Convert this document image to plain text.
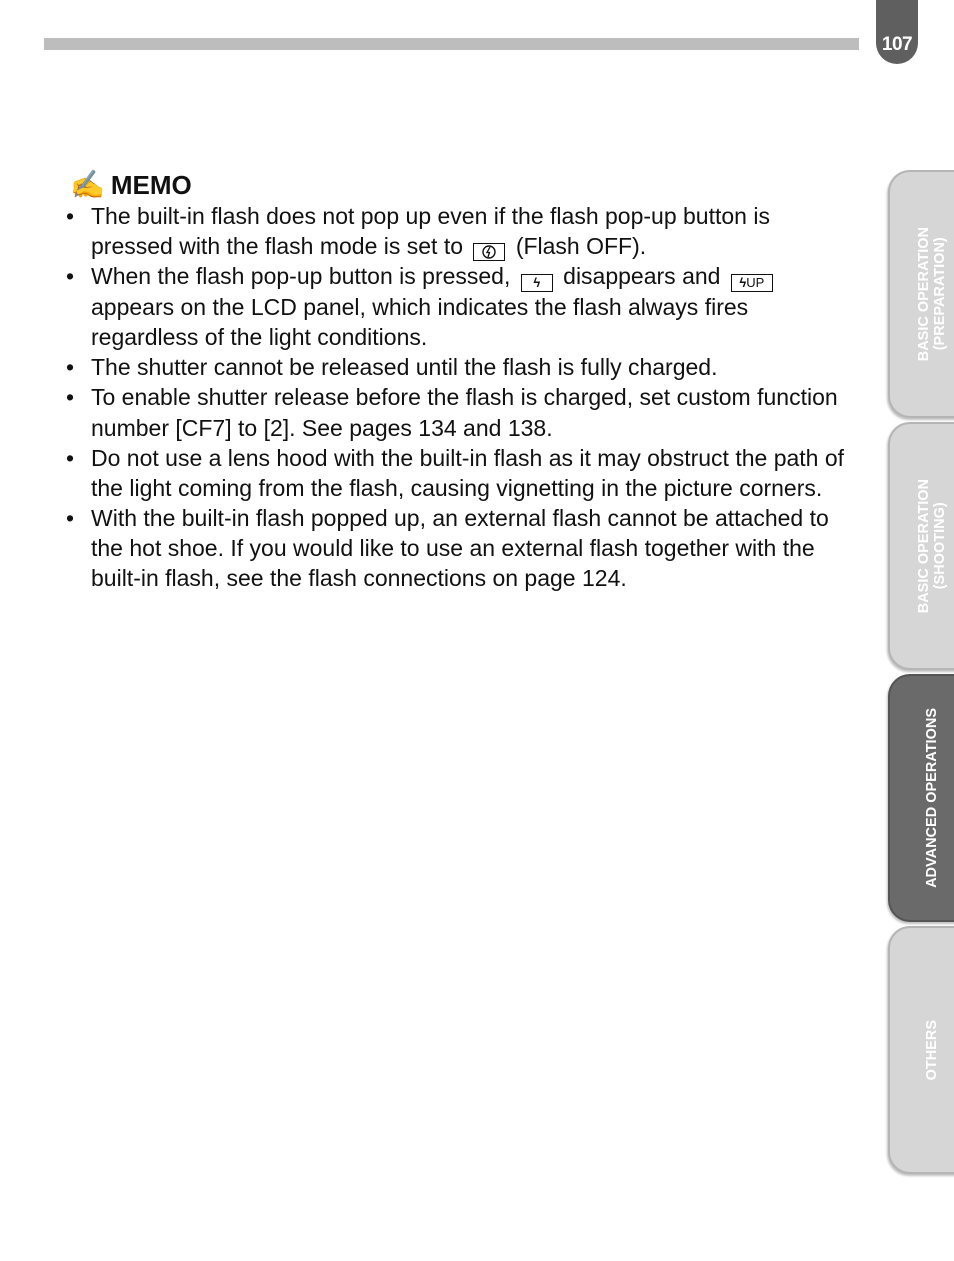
107
✍ MEMO
• The built-in flash does not pop up even if the flash pop-up button is pressed with the flash mode is set to (Flash OFF).
• When the flash pop-up button is pressed, ϟ disappears and ϟUP appears on the LCD panel, which indicates the flash always fires regardless of the light conditions.
• The shutter cannot be released until the flash is fully charged.
• To enable shutter release before the flash is charged, set custom function number [CF7] to [2]. See pages 134 and 138.
• Do not use a lens hood with the built-in flash as it may obstruct the path of the light coming from the flash, causing vignetting in the picture corners.
• With the built-in flash popped up, an external flash cannot be attached to the hot shoe. If you would like to use an external flash together with the built-in flash, see the flash connections on page 124.
BASIC OPERATION
(PREPARATION)
BASIC OPERATION
(SHOOTING)
ADVANCED OPERATIONS
OTHERS
